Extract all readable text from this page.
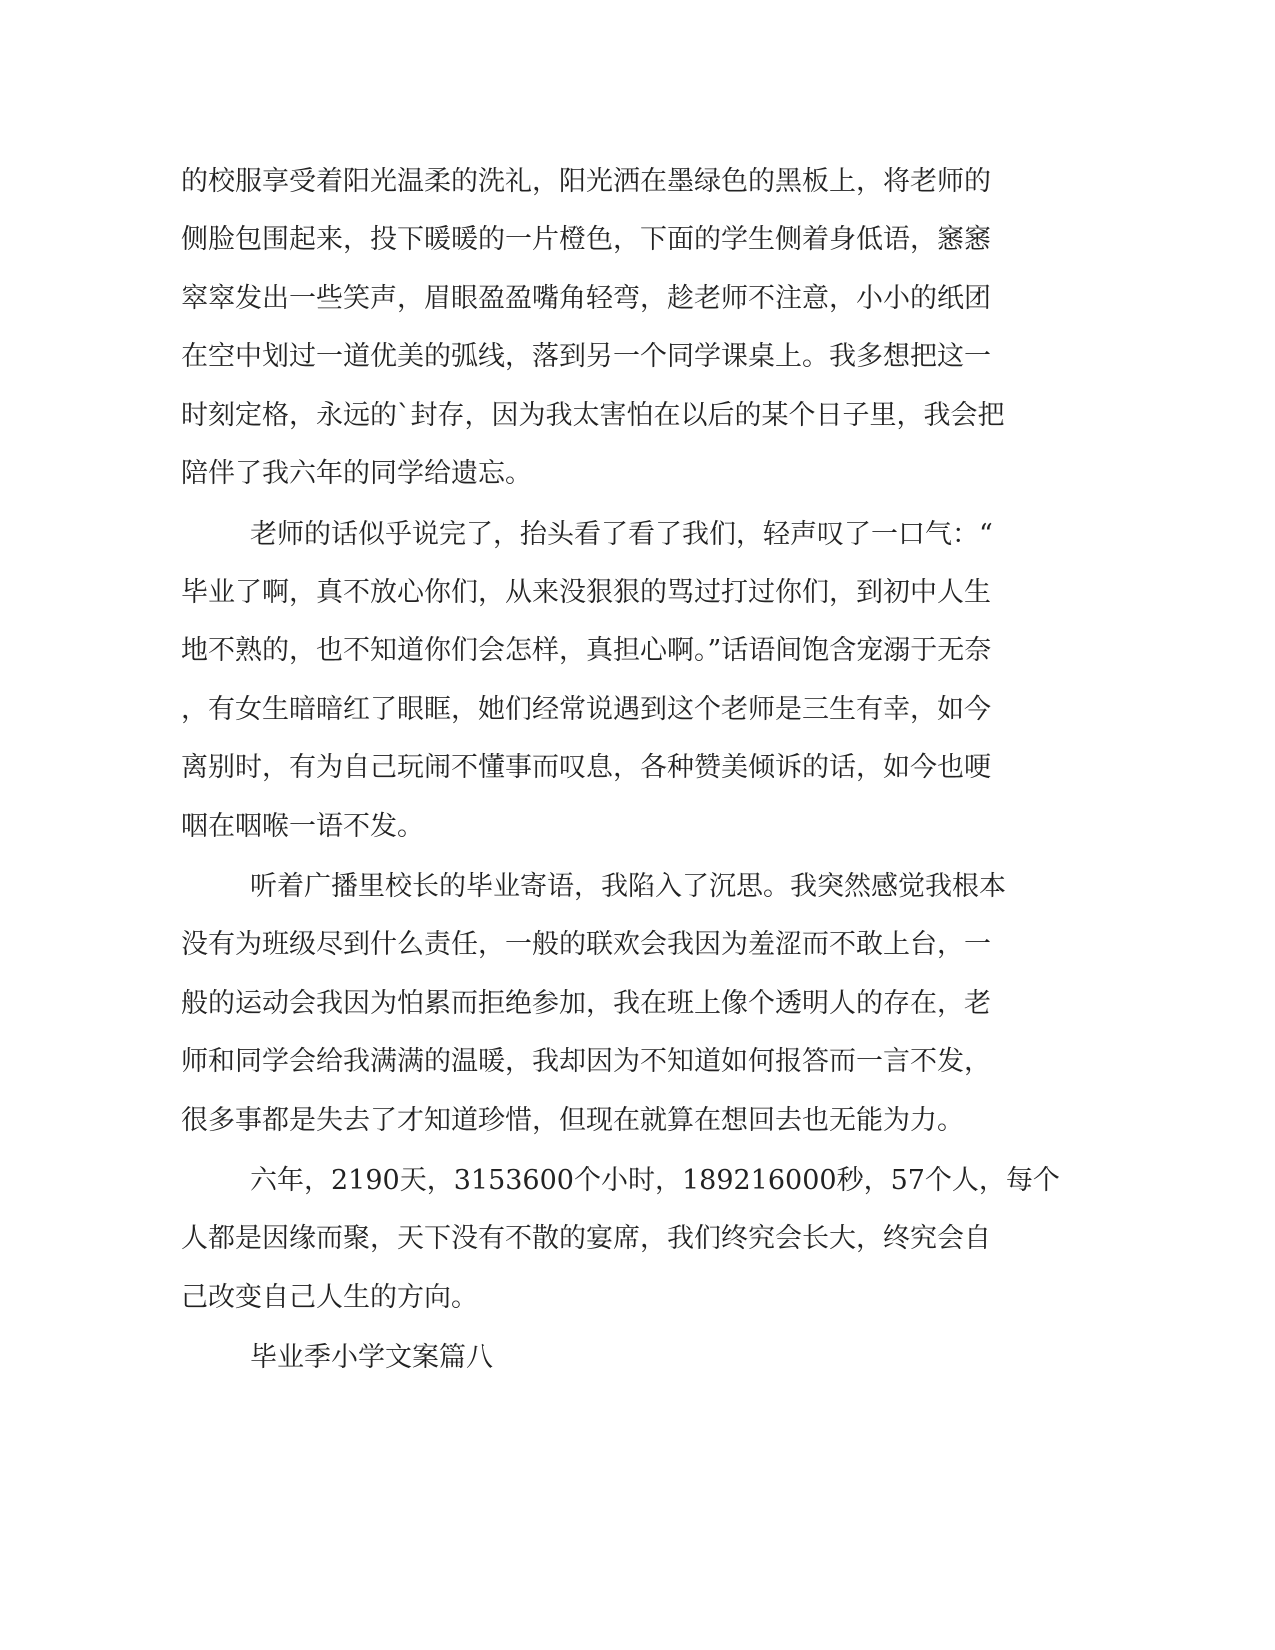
的校服享受着阳光温柔的洗礼，阳光洒在墨绿色的黑板上，将老师的
侧脸包围起来，投下暖暖的一片橙色，下面的学生侧着身低语，窸窸
窣窣发出一些笑声，眉眼盈盈嘴角轻弯，趁老师不注意，小小的纸团
在空中划过一道优美的弧线，落到另一个同学课桌上。我多想把这一
时刻定格，永远的`封存，因为我太害怕在以后的某个日子里，我会把
陪伴了我六年的同学给遗忘。
老师的话似乎说完了，抬头看了看了我们，轻声叹了一口气：“
毕业了啊，真不放心你们，从来没狠狠的骂过打过你们，到初中人生
地不熟的，也不知道你们会怎样，真担心啊。”话语间饱含宠溺于无奈
，有女生暗暗红了眼眶，她们经常说遇到这个老师是三生有幸，如今
离别时，有为自己玩闹不懂事而叹息，各种赞美倾诉的话，如今也哽
咽在咽喉一语不发。
听着广播里校长的毕业寄语，我陷入了沉思。我突然感觉我根本
没有为班级尽到什么责任，一般的联欢会我因为羞涩而不敢上台，一
般的运动会我因为怕累而拒绝参加，我在班上像个透明人的存在，老
师和同学会给我满满的温暖，我却因为不知道如何报答而一言不发，
很多事都是失去了才知道珍惜，但现在就算在想回去也无能为力。
六年，2190天，3153600个小时，189216000秒，57个人，每个
人都是因缘而聚，天下没有不散的宴席，我们终究会长大，终究会自
己改变自己人生的方向。
毕业季小学文案篇八
